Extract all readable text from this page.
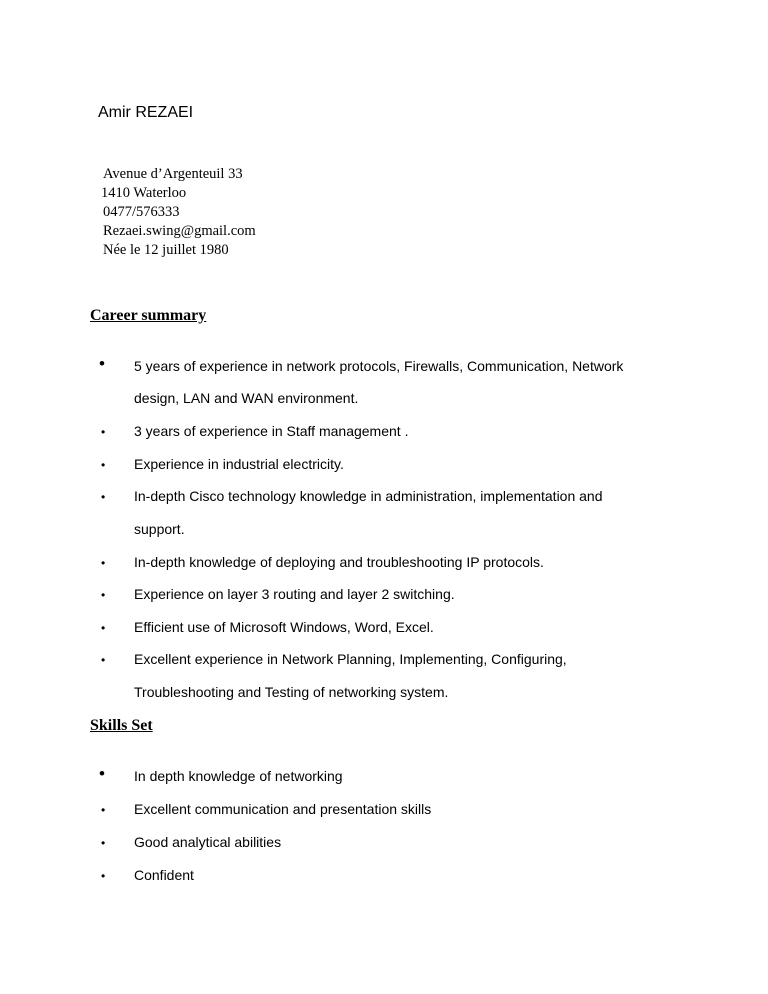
Amir REZAEI
Avenue d’Argenteuil 33
1410 Waterloo
0477/576333
Rezaei.swing@gmail.com
Née le 12 juillet 1980
Career summary
• 5 years of experience in network protocols, Firewalls, Communication, Network
design, LAN and WAN environment.
• 3 years of experience in Staff management .
• Experience in industrial electricity.
• In-depth Cisco technology knowledge in administration, implementation and
support.
• In-depth knowledge of deploying and troubleshooting IP protocols.
• Experience on layer 3 routing and layer 2 switching.
• Efficient use of Microsoft Windows, Word, Excel.
• Excellent experience in Network Planning, Implementing, Configuring,
Troubleshooting and Testing of networking system.
Skills Set
• In depth knowledge of networking
• Excellent communication and presentation skills
• Good analytical abilities
• Confident
